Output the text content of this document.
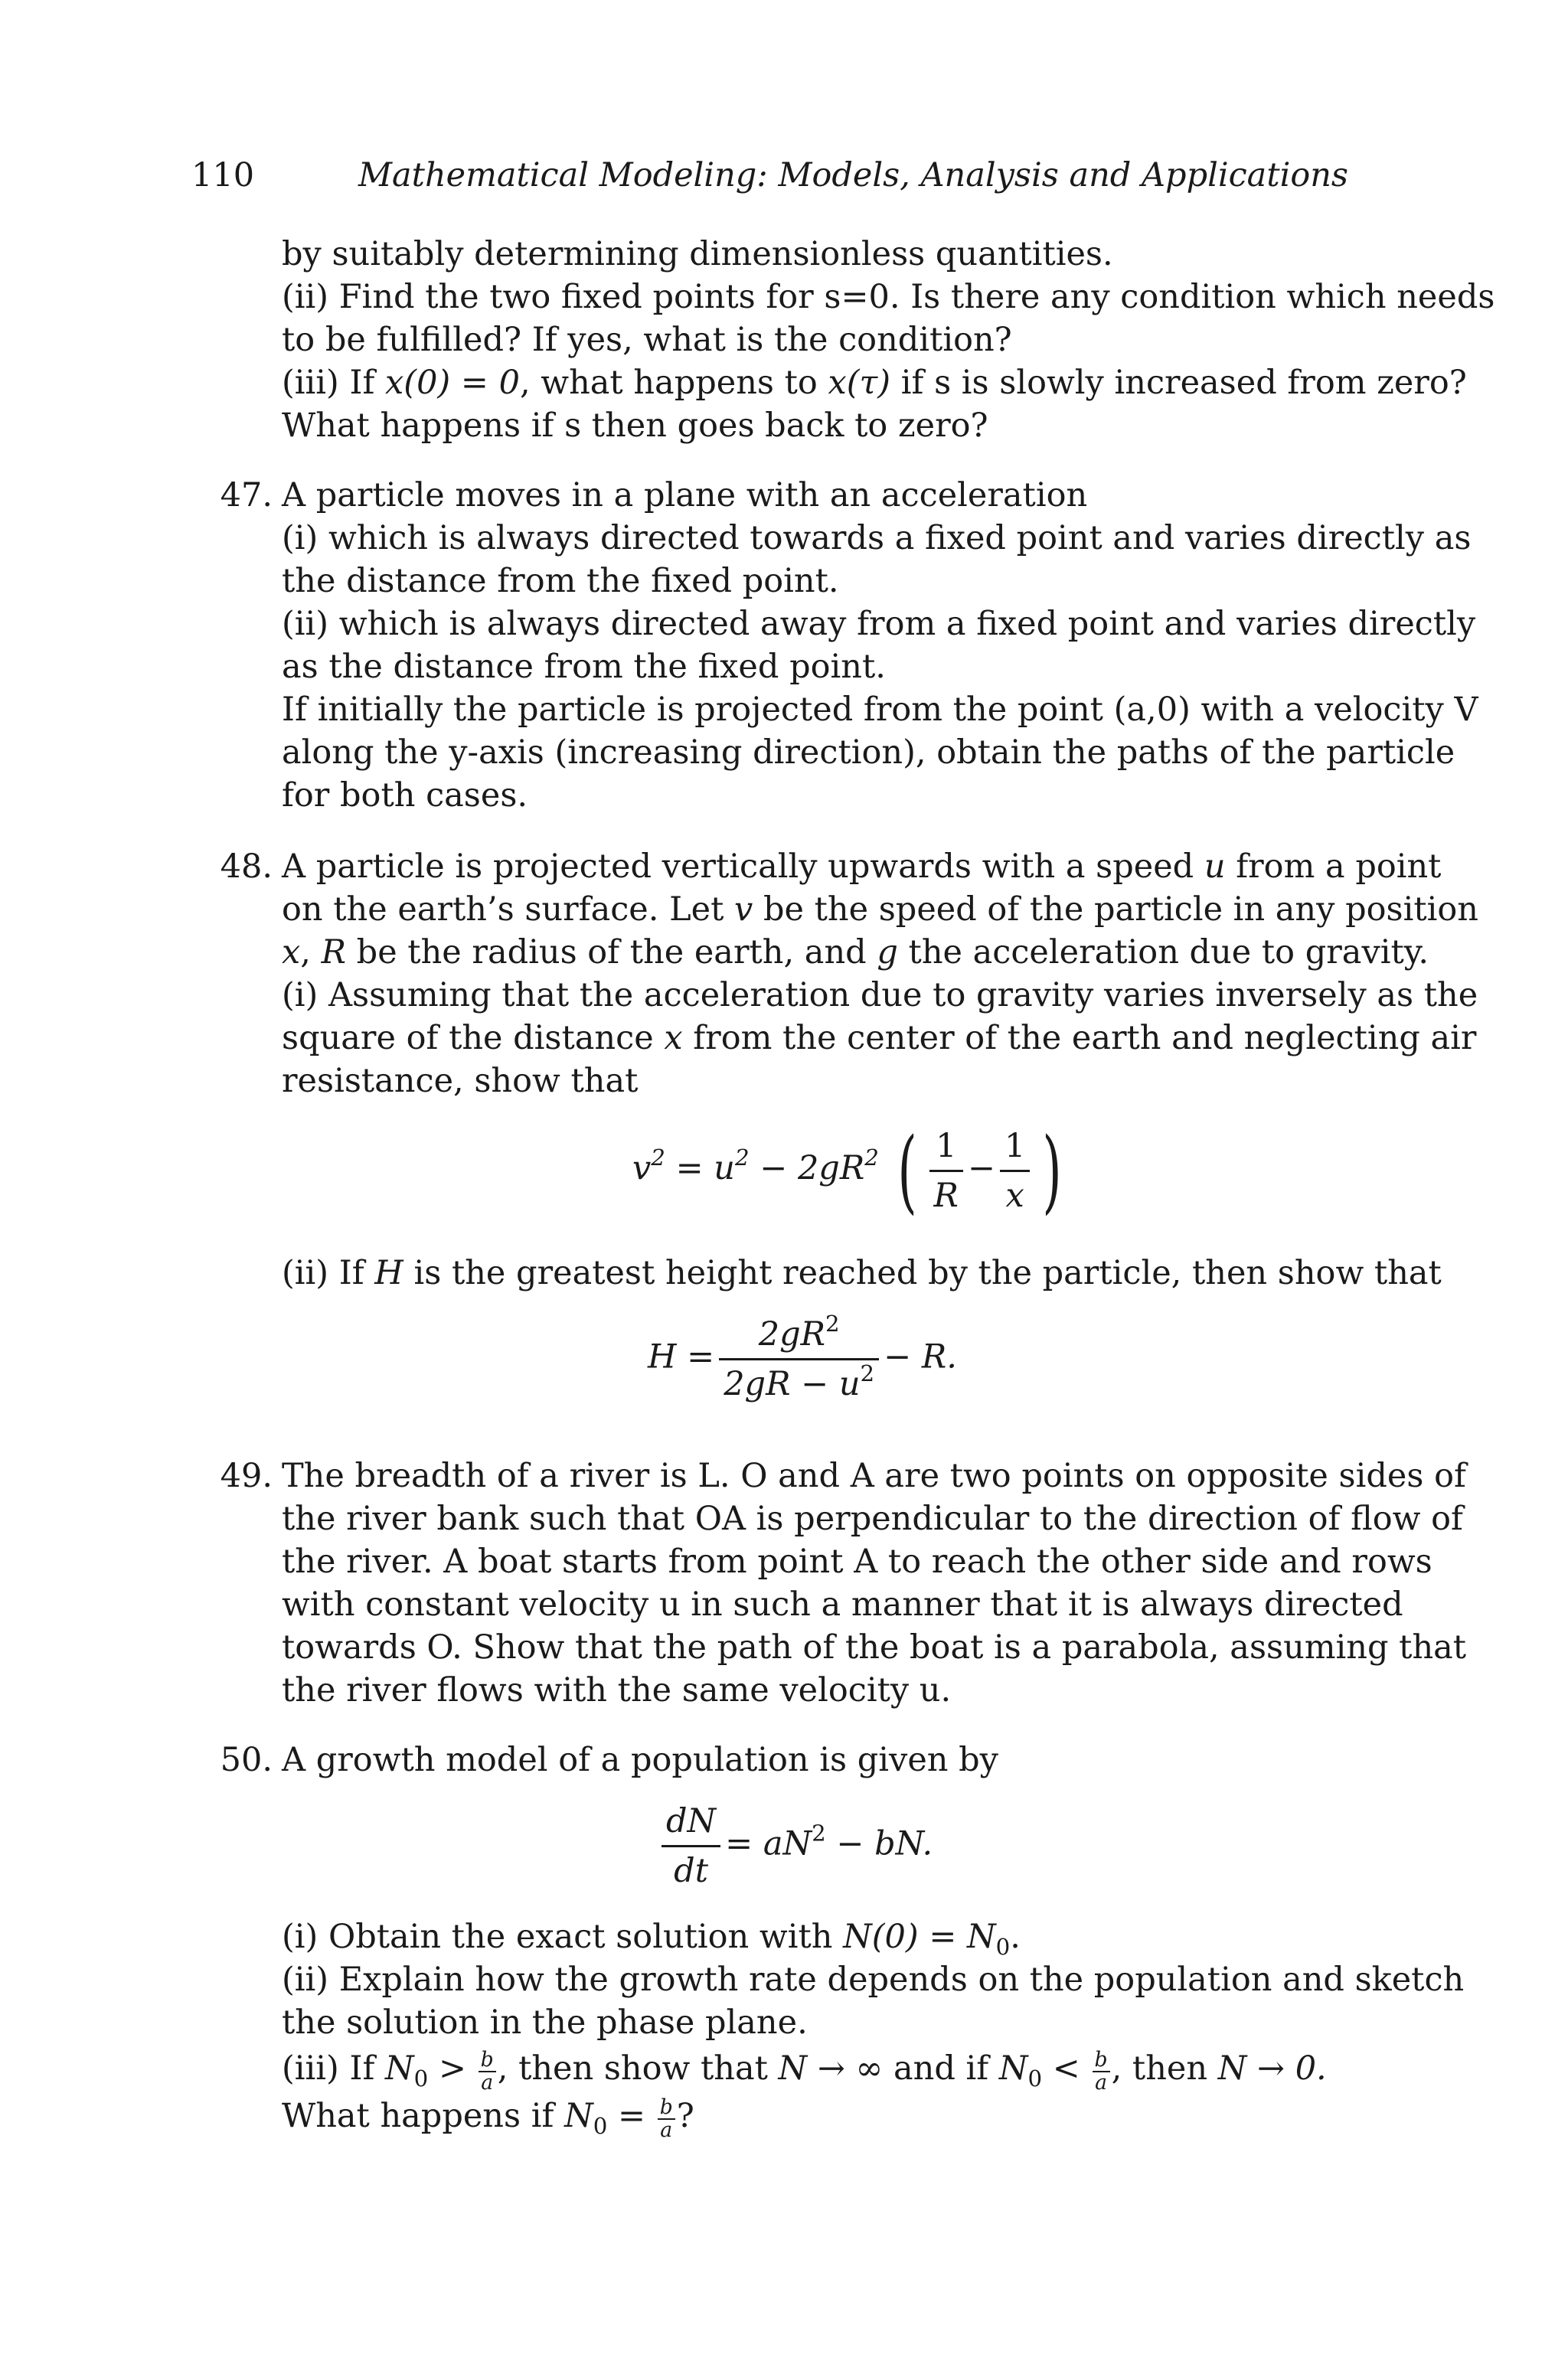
110	Mathematical Modeling: Models, Analysis and Applications
by suitably determining dimensionless quantities.
(ii) Find the two fixed points for s=0. Is there any condition which needs
to be fulfilled? If yes, what is the condition?
(iii) If x(0) = 0, what happens to x(τ) if s is slowly increased from zero?
What happens if s then goes back to zero?
47. A particle moves in a plane with an acceleration
(i) which is always directed towards a fixed point and varies directly as
the distance from the fixed point.
(ii) which is always directed away from a fixed point and varies directly
as the distance from the fixed point.
If initially the particle is projected from the point (a,0) with a velocity V
along the y-axis (increasing direction), obtain the paths of the particle
for both cases.
48. A particle is projected vertically upwards with a speed u from a point
on the earth’s surface. Let v be the speed of the particle in any position
x, R be the radius of the earth, and g the acceleration due to gravity.
(i) Assuming that the acceleration due to gravity varies inversely as the
square of the distance x from the center of the earth and neglecting air
resistance, show that
$v^2 = u^2 - 2gR^2$ ( $\frac{1}{R} - \frac{1}{x}$ )
(ii) If H is the greatest height reached by the particle, then show that
$H = \frac{2gR^2}{2gR - u^2} - R$.
49. The breadth of a river is L. O and A are two points on opposite sides of
the river bank such that OA is perpendicular to the direction of flow of
the river. A boat starts from point A to reach the other side and rows
with constant velocity u in such a manner that it is always directed
towards O. Show that the path of the boat is a parabola, assuming that
the river flows with the same velocity u.
50. A growth model of a population is given by
$\frac{dN}{dt} = aN^2$ − bN.
(i) Obtain the exact solution with $N(0) = N_0$.
(ii) Explain how the growth rate depends on the population and sketch
the solution in the phase plane.
(iii) If $N_0 > \frac{b}{a}$ , then show that N → ∞ and if $N_0 < \frac{b}{a}$ , then N → 0.
What happens if $N_0 = \frac{b}{a}$ ?
